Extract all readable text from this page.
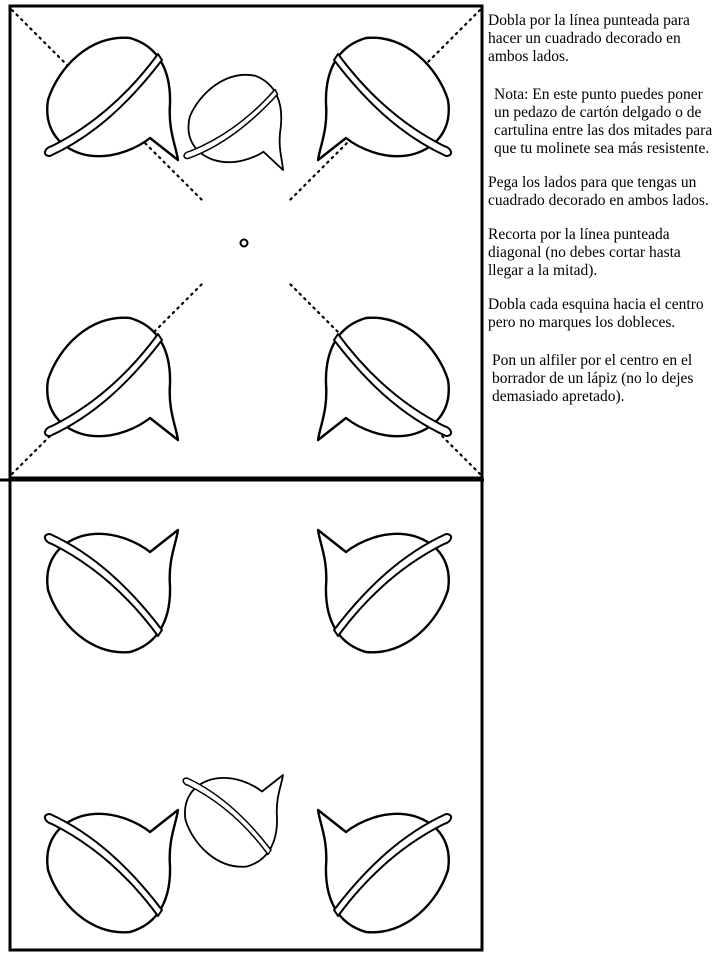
Dobla por la línea punteada para hacer un cuadrado decorado en ambos lados.

Nota: En este punto puedes poner un pedazo de cartón delgado o de cartulina entre las dos mitades para que tu molinete sea más resistente.

Pega los lados para que tengas un cuadrado decorado en ambos lados.

Recorta por la línea punteada diagonal (no debes cortar hasta llegar a la mitad).

Dobla cada esquina hacia el centro pero no marques los dobleces.

Pon un alfiler por el centro en el borrador de un lápiz (no lo dejes demasiado apretado).
